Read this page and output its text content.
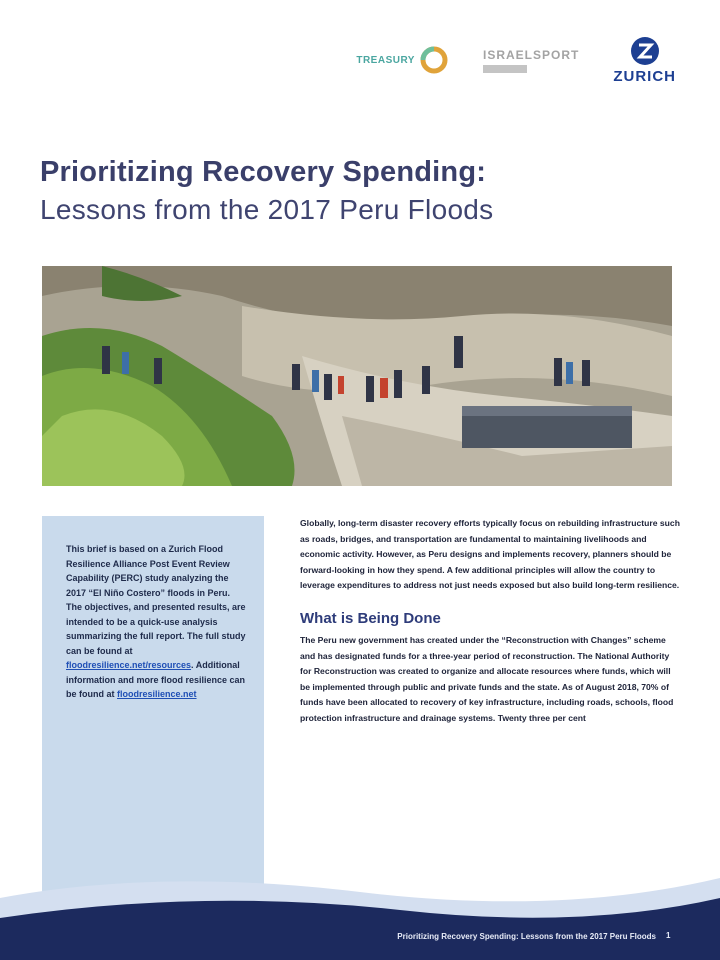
TREASURY	ISRAELSPORT
ZURICH
Prioritizing Recovery Spending:
Lessons from the 2017 Peru Floods

This brief is based on a Zurich Flood Resilience Alliance Post Event Review Capability (PERC) study analyzing the 2017 “El Niño Costero” floods in Peru. The objectives, and presented results, are intended to be a quick-use analysis summarizing the full report. The full study can be found at floodresilience.net/resources. Additional information and more flood resilience can be found at floodresilience.net

Globally, long-term disaster recovery efforts typically focus on rebuilding infrastructure such as roads, bridges, and transportation are fundamental to maintaining livelihoods and economic activity. However, as Peru designs and implements recovery, planners should be forward-looking in how they spend. A few additional principles will allow the country to leverage expenditures to address not just needs exposed but also build long-term resilience.

What is Being Done

The Peru new government has created under the “Reconstruction with Changes” scheme and has designated funds for a three-year period of reconstruction. The National Authority for Reconstruction was created to organize and allocate resources where funds, which will be implemented through public and private funds and the state. As of August 2018, 70% of funds have been allocated to recovery of key infrastructure, including roads, schools, flood protection infrastructure and drainage systems. Twenty three per cent

Prioritizing Recovery Spending: Lessons from the 2017 Peru Floods 1
